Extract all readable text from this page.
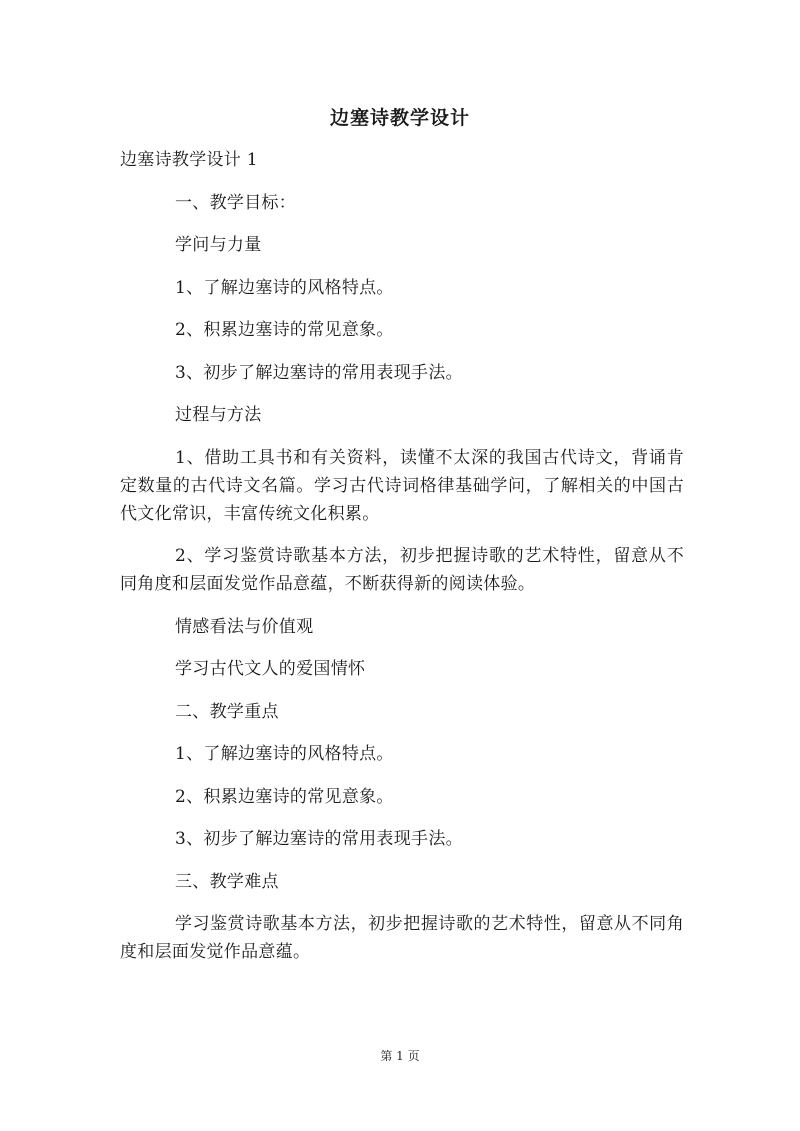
边塞诗教学设计

边塞诗教学设计 1

一、教学目标：

学问与力量

1、了解边塞诗的风格特点。

2、积累边塞诗的常见意象。

3、初步了解边塞诗的常用表现手法。

过程与方法

1、借助工具书和有关资料，读懂不太深的我国古代诗文，背诵肯定数量的古代诗文名篇。学习古代诗词格律基础学问，了解相关的中国古代文化常识，丰富传统文化积累。

2、学习鉴赏诗歌基本方法，初步把握诗歌的艺术特性，留意从不同角度和层面发觉作品意蕴，不断获得新的阅读体验。

情感看法与价值观

学习古代文人的爱国情怀

二、教学重点

1、了解边塞诗的风格特点。

2、积累边塞诗的常见意象。

3、初步了解边塞诗的常用表现手法。

三、教学难点

学习鉴赏诗歌基本方法，初步把握诗歌的艺术特性，留意从不同角度和层面发觉作品意蕴。

第 1 页
